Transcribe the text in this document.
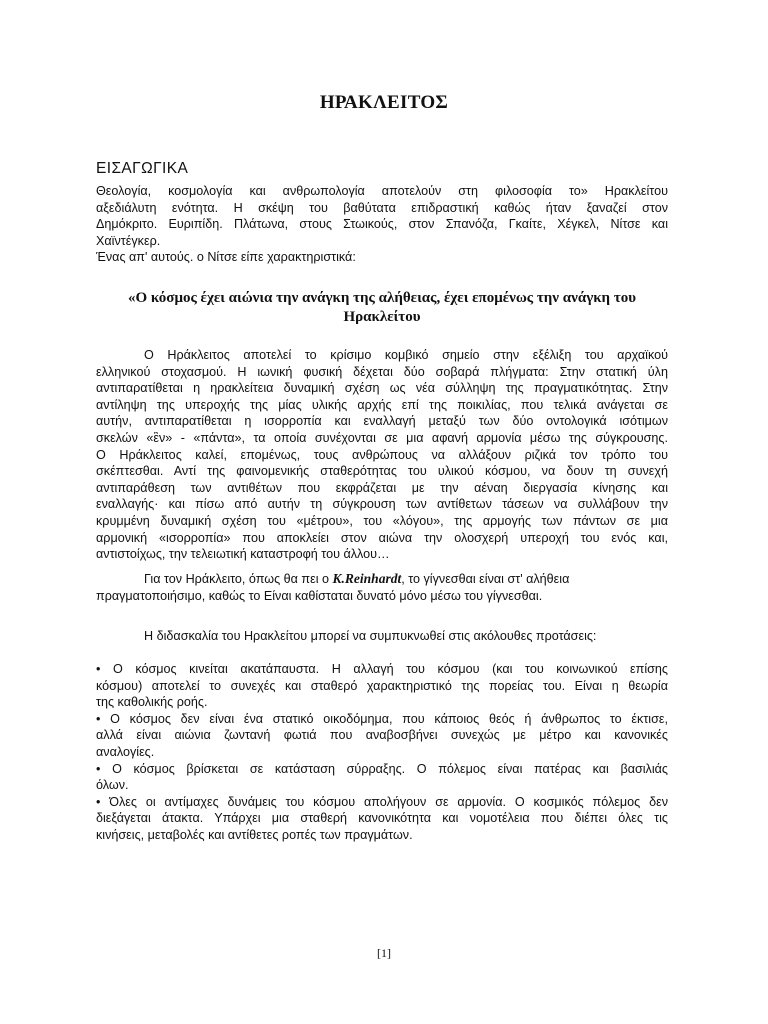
ΗΡΑΚΛΕΙΤΟΣ
ΕΙΣΑΓΩΓΙΚΑ
Θεολογία, κοσμολογία και ανθρωπολογία αποτελούν στη φιλοσοφία το» Ηρακλείτου
αξεδιάλυτη ενότητα. Η σκέψη του βαθύτατα επιδραστική καθώς ήταν ξαναζεί στον
Δημόκριτο. Ευριπίδη. Πλάτωνα, στους Στωικούς, στον Σπανόζα, Γκαίτε, Χέγκελ, Νίτσε και
Χαϊντέγκερ.
Ένας απ' αυτούς. ο Νίτσε είπε χαρακτηριστικά:
«Ο κόσμος έχει αιώνια την ανάγκη της αλήθειας, έχει επομένως την ανάγκη του
Ηρακλείτου
Ο Ηράκλειτος αποτελεί το κρίσιμο κομβικό σημείο στην εξέλιξη του αρχαϊκού
ελληνικού στοχασμού. Η ιωνική φυσική δέχεται δύο σοβαρά πλήγματα: Στην στατική ύλη
αντιπαρατίθεται η ηρακλείτεια δυναμική σχέση ως νέα σύλληψη της πραγματικότητας. Στην
αντίληψη της υπεροχής της μίας υλικής αρχής επί της ποικιλίας, που τελικά ανάγεται σε
αυτήν, αντιπαρατίθεται η ισορροπία και εναλλαγή μεταξύ των δύο οντολογικά ισότιμων
σκελών «ἓν» - «πάντα», τα οποία συνέχονται σε μια αφανή αρμονία μέσω της σύγκρουσης.
Ο Ηράκλειτος καλεί, επομένως, τους ανθρώπους να αλλάξουν ριζικά τον τρόπο του
σκέπτεσθαι. Αντί της φαινομενικής σταθερότητας του υλικού κόσμου, να δουν τη συνεχή
αντιπαράθεση των αντιθέτων που εκφράζεται με την αέναη διεργασία κίνησης και
εναλλαγής· και πίσω από αυτήν τη σύγκρουση των αντίθετων τάσεων να συλλάβουν την
κρυμμένη δυναμική σχέση του «μέτρου», του «λόγου», της αρμογής των πάντων σε μια
αρμονική «ισορροπία» που αποκλείει στον αιώνα την ολοσχερή υπεροχή του ενός και,
αντιστοίχως, την τελειωτική καταστροφή του άλλου…
Για τον Ηράκλειτο, όπως θα πει ο K.Reinhardt, το γίγνεσθαι είναι στ' αλήθεια
πραγματοποιήσιμο, καθώς το Είναι καθίσταται δυνατό μόνο μέσω του γίγνεσθαι.
Η διδασκαλία του Ηρακλείτου μπορεί να συμπυκνωθεί στις ακόλουθες προτάσεις:
• Ο κόσμος κινείται ακατάπαυστα. Η αλλαγή του κόσμου (και του κοινωνικού επίσης
κόσμου) αποτελεί το συνεχές και σταθερό χαρακτηριστικό της πορείας του. Είναι η θεωρία
της καθολικής ροής.
• Ο κόσμος δεν είναι ένα στατικό οικοδόμημα, που κάποιος θεός ή άνθρωπος το έκτισε,
αλλά είναι αιώνια ζωντανή φωτιά που αναβοσβήνει συνεχώς με μέτρο και κανονικές
αναλογίες.
• Ο κόσμος βρίσκεται σε κατάσταση σύρραξης. Ο πόλεμος είναι πατέρας και βασιλιάς
όλων.
• Όλες οι αντίμαχες δυνάμεις του κόσμου απολήγουν σε αρμονία. Ο κοσμικός πόλεμος δεν
διεξάγεται άτακτα. Υπάρχει μια σταθερή κανονικότητα και νομοτέλεια που διέπει όλες τις
κινήσεις, μεταβολές και αντίθετες ροπές των πραγμάτων.
[1]
